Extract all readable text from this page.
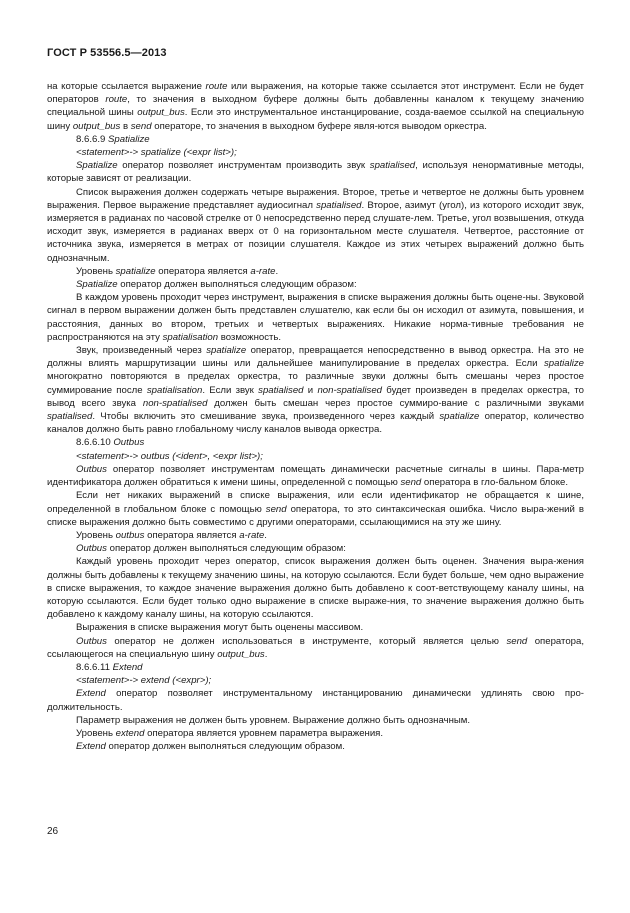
ГОСТ Р 53556.5—2013

на которые ссылается выражение route или выражения, на которые также ссылается этот инструмент. Если не будет операторов route, то значения в выходном буфере должны быть добавленны каналом к текущему значению специальной шины output_bus. Если это инструментальное инстанцирование, созда-ваемое ссылкой на специальную шину output_bus в send операторе, то значения в выходном буфере явля-ются выводом оркестра.

8.6.6.9 Spatialize

<statement>-> spatialize (<expr list>);

Spatialize оператор позволяет инструментам производить звук spatialised, используя ненормативные методы, которые зависят от реализации.

Список выражения должен содержать четыре выражения. Второе, третье и четвертое не должны быть уровнем выражения. Первое выражение представляет аудиосигнал spatialised. Второе, азимут (угол), из которого исходит звук, измеряется в радианах по часовой стрелке от 0 непосредственно перед слушате-лем. Третье, угол возвышения, откуда исходит звук, измеряется в радианах вверх от 0 на горизонтальном месте слушателя. Четвертое, расстояние от источника звука, измеряется в метрах от позиции слушателя. Каждое из этих четырех выражений должно быть однозначным.

Уровень spatialize оператора является a-rate.

Spatialize оператор должен выполняться следующим образом:

В каждом уровень проходит через инструмент, выражения в списке выражения должны быть оцене-ны. Звуковой сигнал в первом выражении должен быть представлен слушателю, как если бы он исходил от азимута, повышения, и расстояния, данных во втором, третьих и четвертых выражениях. Никакие норма-тивные требования не распространяются на эту spatialisation возможность.

Звук, произведенный через spatialize оператор, превращается непосредственно в вывод оркестра. На это не должны влиять маршрутизации шины или дальнейшее манипулирование в пределах оркестра. Если spatialize многократно повторяются в пределах оркестра, то различные звуки должны быть смешаны через простое суммирование после spatialisation. Если звук spatialised и non-spatialised будет произведен в пределах оркестра, то вывод всего звука non-spatialised должен быть смешан через простое суммиро-вание с различными звуками spatialised. Чтобы включить это смешивание звука, произведенного через каждый spatialize оператор, количество каналов должно быть равно глобальному числу каналов вывода оркестра.

8.6.6.10 Outbus

<statement>-> outbus (<ident>, <expr list>);

Outbus оператор позволяет инструментам помещать динамически расчетные сигналы в шины. Пара-метр идентификатора должен обратиться к имени шины, определенной с помощью send оператора в гло-бальном блоке.

Если нет никаких выражений в списке выражения, или если идентификатор не обращается к шине, определенной в глобальном блоке с помощью send оператора, то это синтаксическая ошибка. Число выра-жений в списке выражения должно быть совместимо с другими операторами, ссылающимися на эту же шину.

Уровень outbus оператора является a-rate.

Outbus оператор должен выполняться следующим образом:

Каждый уровень проходит через оператор, список выражения должен быть оценен. Значения выра-жения должны быть добавлены к текущему значению шины, на которую ссылаются. Если будет больше, чем одно выражение в списке выражения, то каждое значение выражения должно быть добавлено к соот-ветствующему каналу шины, на которую ссылаются. Если будет только одно выражение в списке выраже-ния, то значение выражения должно быть добавлено к каждому каналу шины, на которую ссылаются.

Выражения в списке выражения могут быть оценены массивом.

Outbus оператор не должен использоваться в инструменте, который является целью send оператора, ссылающегося на специальную шину output_bus.

8.6.6.11 Extend

<statement>-> extend (<expr>);

Extend оператор позволяет инструментальному инстанцированию динамически удлинять свою про-должительность.

Параметр выражения не должен быть уровнем. Выражение должно быть однозначным.

Уровень extend оператора является уровнем параметра выражения.

Extend оператор должен выполняться следующим образом.

26
